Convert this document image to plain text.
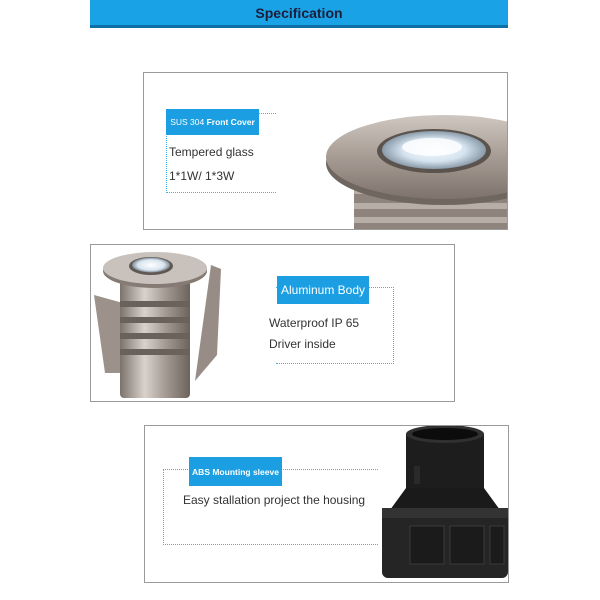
Specification
SUS 304
Front Cover
Tempered glass
1*1W/ 1*3W
Aluminum Body
Waterproof IP 65
Driver inside
ABS Mounting sleeve
Easy stallation project the housing
